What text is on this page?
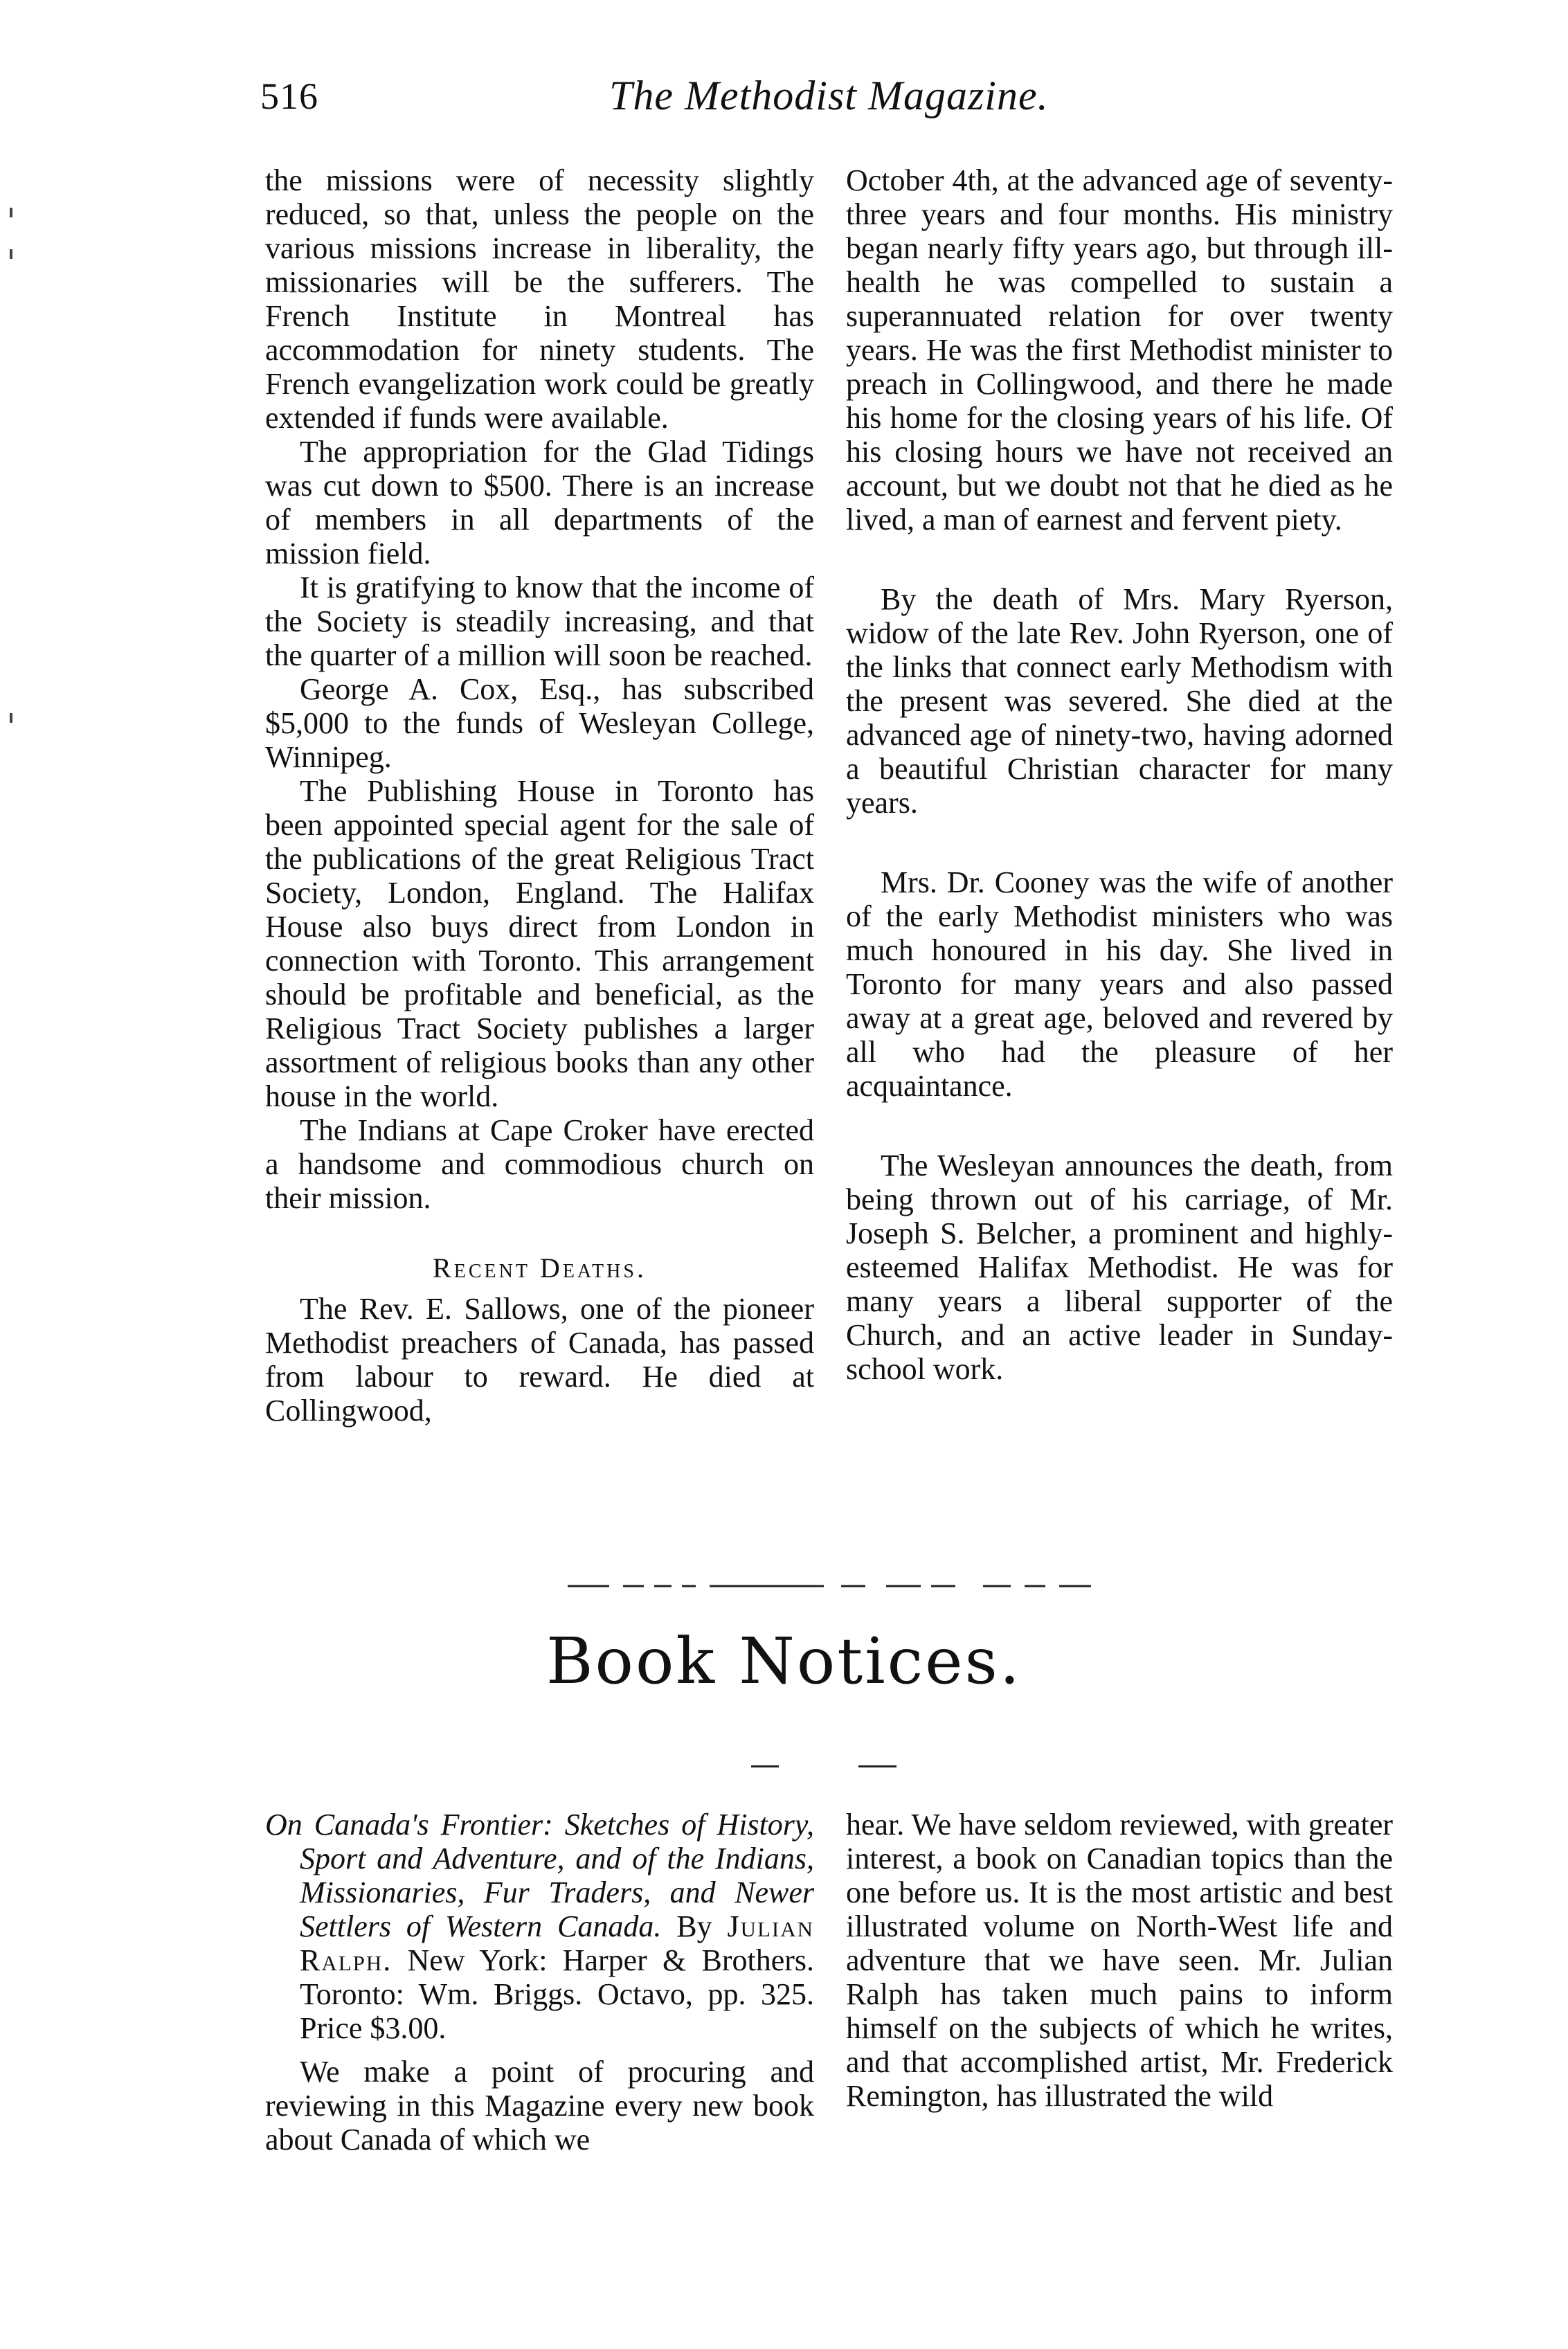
516	The Methodist Magazine.

the missions were of necessity slightly reduced, so that, unless the people on the various missions increase in liberality, the missionaries will be the sufferers. The French Institute in Montreal has accommodation for ninety students. The French evangelization work could be greatly extended if funds were available.

The appropriation for the Glad Tidings was cut down to $500. There is an increase of members in all departments of the mission field.

It is gratifying to know that the income of the Society is steadily increasing, and that the quarter of a million will soon be reached.

George A. Cox, Esq., has subscribed $5,000 to the funds of Wesleyan College, Winnipeg.

The Publishing House in Toronto has been appointed special agent for the sale of the publications of the great Religious Tract Society, London, England. The Halifax House also buys direct from London in connection with Toronto. This arrangement should be profitable and beneficial, as the Religious Tract Society publishes a larger assortment of religious books than any other house in the world.

The Indians at Cape Croker have erected a handsome and commodious church on their mission.

Recent Deaths.

The Rev. E. Sallows, one of the pioneer Methodist preachers of Canada, has passed from labour to reward. He died at Collingwood,

October 4th, at the advanced age of seventy-three years and four months. His ministry began nearly fifty years ago, but through ill-health he was compelled to sustain a superannuated relation for over twenty years. He was the first Methodist minister to preach in Collingwood, and there he made his home for the closing years of his life. Of his closing hours we have not received an account, but we doubt not that he died as he lived, a man of earnest and fervent piety.

By the death of Mrs. Mary Ryerson, widow of the late Rev. John Ryerson, one of the links that connect early Methodism with the present was severed. She died at the advanced age of ninety-two, having adorned a beautiful Christian character for many years.

Mrs. Dr. Cooney was the wife of another of the early Methodist ministers who was much honoured in his day. She lived in Toronto for many years and also passed away at a great age, beloved and revered by all who had the pleasure of her acquaintance.

The Wesleyan announces the death, from being thrown out of his carriage, of Mr. Joseph S. Belcher, a prominent and highly-esteemed Halifax Methodist. He was for many years a liberal supporter of the Church, and an active leader in Sunday-school work.

Book Notices.

On Canada's Frontier: Sketches of History, Sport and Adventure, and of the Indians, Missionaries, Fur Traders, and Newer Settlers of Western Canada. By Julian Ralph. New York: Harper & Brothers. Toronto: Wm. Briggs. Octavo, pp. 325. Price $3.00.

We make a point of procuring and reviewing in this Magazine every new book about Canada of which we

hear. We have seldom reviewed, with greater interest, a book on Canadian topics than the one before us. It is the most artistic and best illustrated volume on North-West life and adventure that we have seen. Mr. Julian Ralph has taken much pains to inform himself on the subjects of which he writes, and that accomplished artist, Mr. Frederick Remington, has illustrated the wild
